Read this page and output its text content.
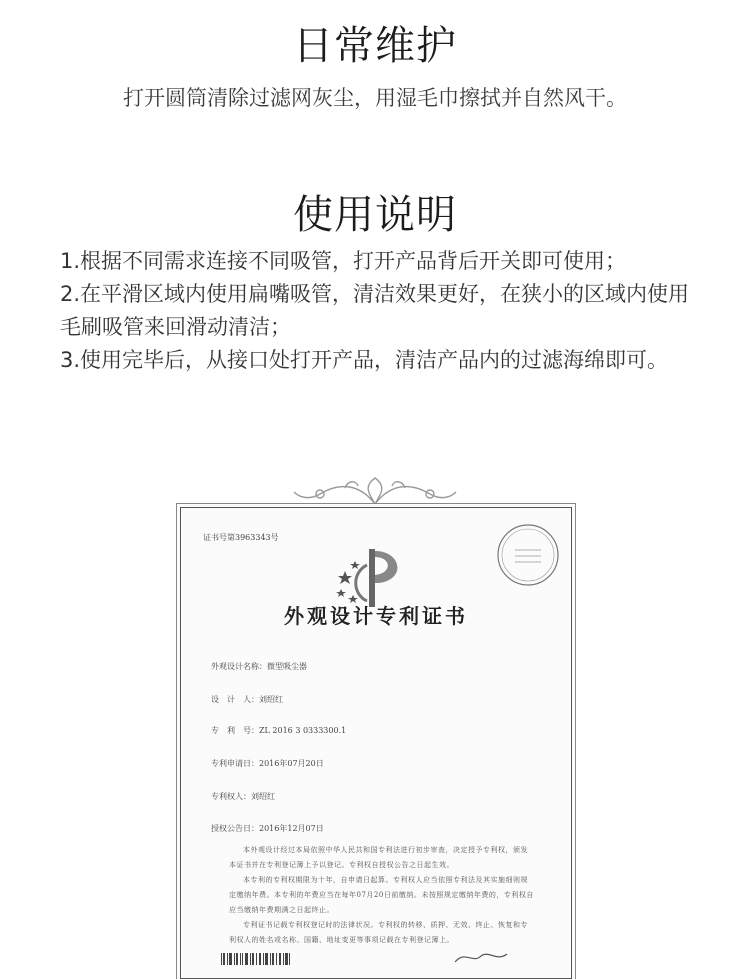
日常维护
打开圆筒清除过滤网灰尘，用湿毛巾擦拭并自然风干。
使用说明

1.根据不同需求连接不同吸管，打开产品背后开关即可使用；

2.在平滑区域内使用扁嘴吸管，清洁效果更好，在狭小的区域内使用

毛刷吸管来回滑动清洁；

3.使用完毕后，从接口处打开产品，清洁产品内的过滤海绵即可。

证书号第3963343号
外观设计专利证书
外观设计名称：微型吸尘器
设　计　人：刘绍红
专　利　号：ZL 2016 3 0333300.1
专利申请日：2016年07月20日
专利权人：刘绍红
授权公告日：2016年12月07日

本外观设计经过本局依照中华人民共和国专利法进行初步审查，决定授予专利权，颁发本证书并在专利登记簿上予以登记。专利权自授权公告之日起生效。

本专利的专利权期限为十年，自申请日起算。专利权人应当依照专利法及其实施细则规定缴纳年费。本专利的年费应当在每年07月20日前缴纳。未按照规定缴纳年费的，专利权自应当缴纳年费期满之日起终止。

专利证书记载专利权登记时的法律状况。专利权的转移、质押、无效、终止、恢复和专利权人的姓名或名称、国籍、地址变更等事项记载在专利登记簿上。
